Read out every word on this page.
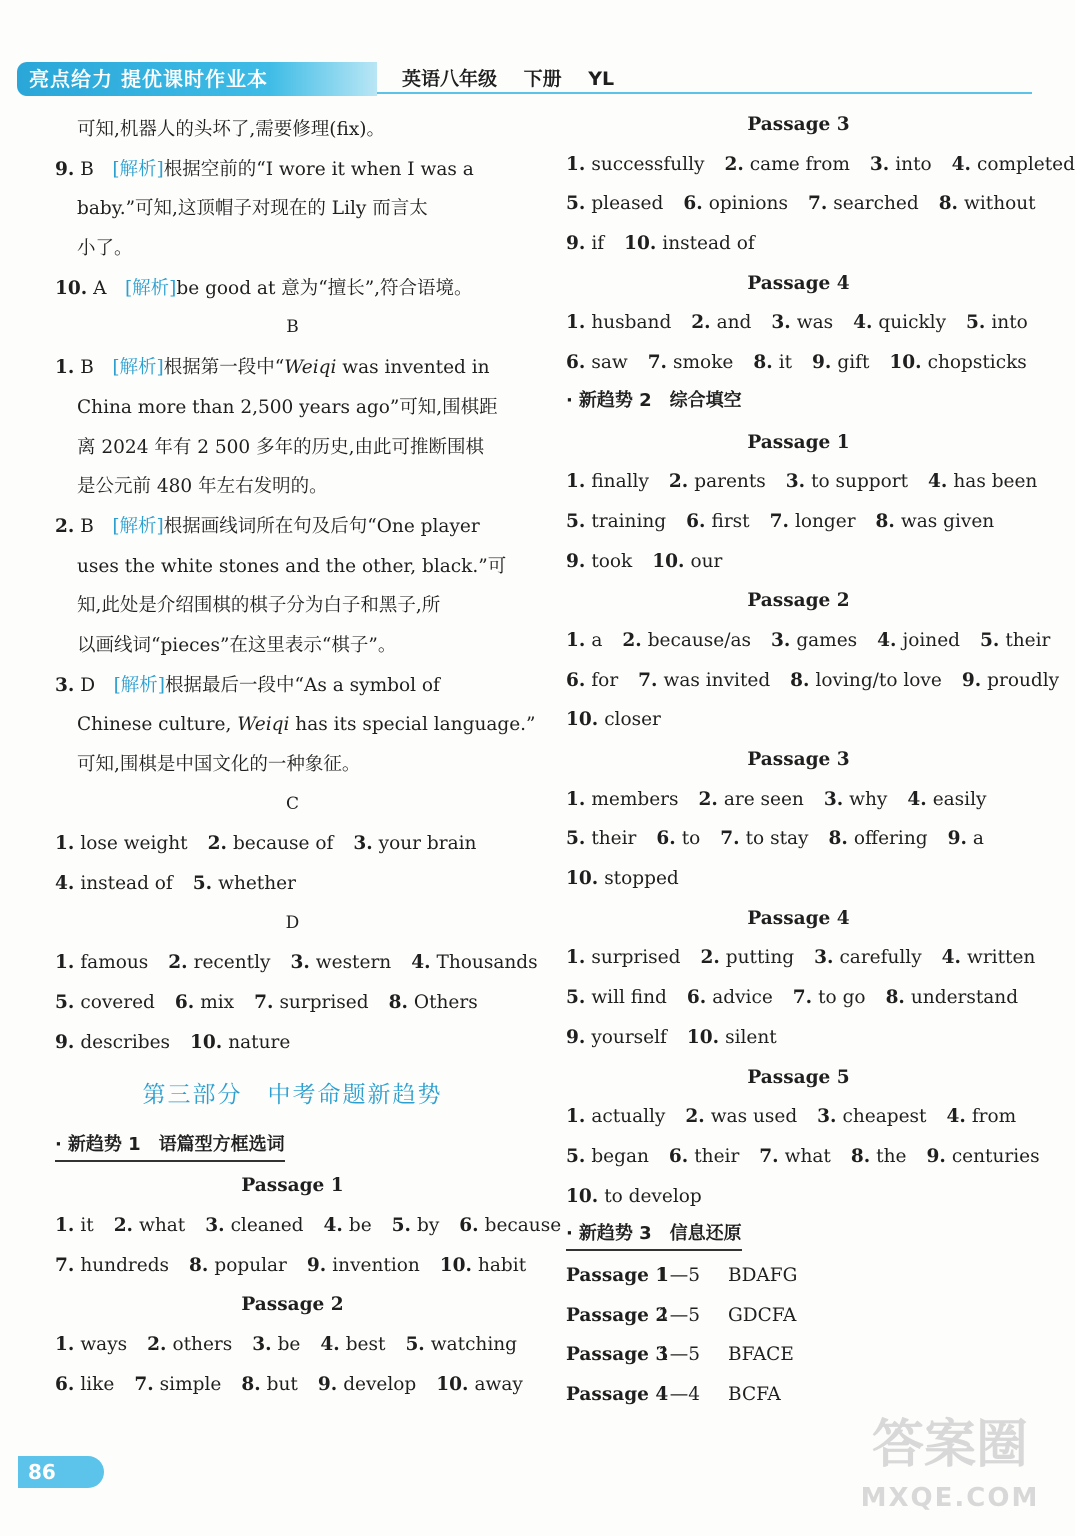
亮点给力 提优课时作业本	英语八年级 下册 YL
可知,机器人的头坏了,需要修理(fix)。
9. B　 [解析]根据空前的“I wore it when I was a
baby.”可知,这顶帽子对现在的 Lily 而言太
小了。
10. A　 [解析]be good at 意为“擅长”,符合语境。
B
1. B　 [解析]根据第一段中“Weiqi was invented in
China more than 2,500 years ago”可知,围棋距
离 2024 年有 2 500 多年的历史,由此可推断围棋
是公元前 480 年左右发明的。
2. B　 [解析]根据画线词所在句及后句“One player
uses the white stones and the other, black.”可
知,此处是介绍围棋的棋子分为白子和黑子,所
以画线词“pieces”在这里表示“棋子”。
3. D　 [解析]根据最后一段中“As a symbol of
Chinese culture, Weiqi has its special language.”
可知,围棋是中国文化的一种象征。
C
1. lose weight 2. because of 3. your brain
4. instead of 5. whether
D
1. famous 2. recently 3. western 4. Thousands
5. covered 6. mix 7. surprised 8. Others
9. describes 10. nature
第三部分　中考命题新趋势
· 新趋势 1　语篇型方框选词
Passage 1
1. it 2. what 3. cleaned 4. be 5. by 6. because
7. hundreds 8. popular 9. invention 10. habit
Passage 2
1. ways 2. others 3. be 4. best 5. watching
6. like 7. simple 8. but 9. develop 10. away
Passage 3
1. successfully 2. came from 3. into 4. completed
5. pleased 6. opinions 7. searched 8. without
9. if 10. instead of
Passage 4
1. husband 2. and 3. was 4. quickly 5. into
6. saw 7. smoke 8. it 9. gift 10. chopsticks
· 新趋势 2　综合填空
Passage 1
1. finally 2. parents 3. to support 4. has been
5. training 6. first 7. longer 8. was given
9. took 10. our
Passage 2
1. a 2. because/as 3. games 4. joined 5. their
6. for 7. was invited 8. loving/to love 9. proudly
10. closer
Passage 3
1. members 2. are seen 3. why 4. easily
5. their 6. to 7. to stay 8. offering 9. a
10. stopped
Passage 4
1. surprised 2. putting 3. carefully 4. written
5. will find 6. advice 7. to go 8. understand
9. yourself 10. silent
Passage 5
1. actually 2. was used 3. cheapest 4. from
5. began 6. their 7. what 8. the 9. centuries
10. to develop
· 新趋势 3　信息还原
Passage 11—5 BDAFG
Passage 21—5 GDCFA
Passage 31—5 BFACE
Passage 41—4 BCFA
86	答案圈
MXQE.COM
